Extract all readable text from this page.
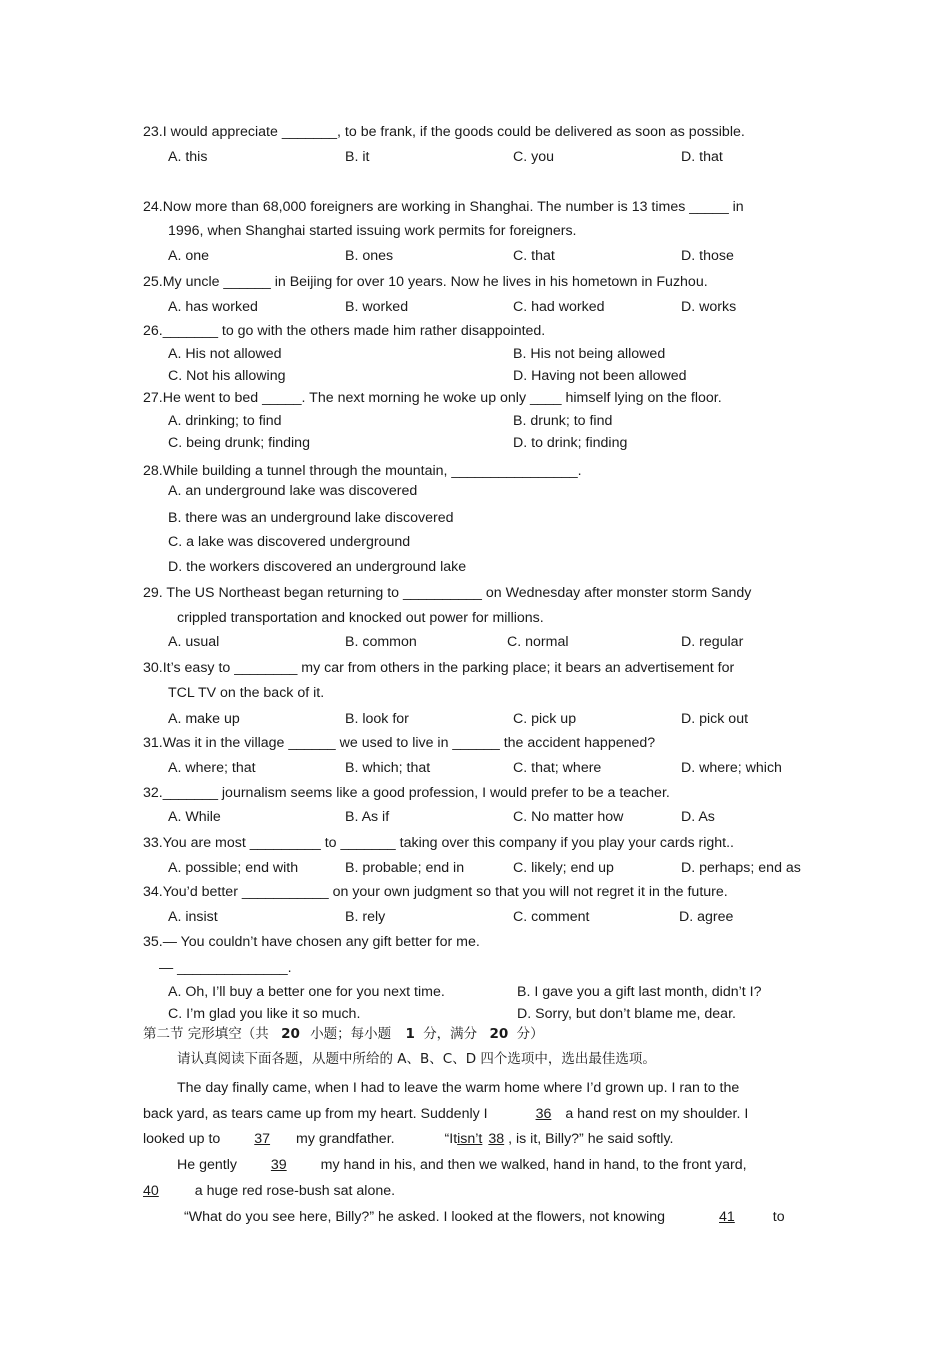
23.I would appreciate _______, to be frank, if the goods could be delivered as soon as possible.
A. this	B. it	C. you	D. that
24.Now more than 68,000 foreigners are working in Shanghai. The number is 13 times _____ in
1996, when Shanghai started issuing work permits for foreigners.
A. one	B. ones	C. that	D. those
25.My uncle ______ in Beijing for over 10 years. Now he lives in his hometown in Fuzhou.
A. has worked	B. worked	C. had worked	D. works
26._______ to go with the others made him rather disappointed.
A. His not allowed	B. His not being allowed
C. Not his allowing	D. Having not been allowed
27.He went to bed _____. The next morning he woke up only ____ himself lying on the floor.
A. drinking; to find	B. drunk; to find
C. being drunk; finding	D. to drink; finding
28.While building a tunnel through the mountain, ________________.
A. an underground lake was discovered
B. there was an underground lake discovered
C. a lake was discovered underground
D. the workers discovered an underground lake
29. The US Northeast began returning to __________ on Wednesday after monster storm Sandy
crippled transportation and knocked out power for millions.
A. usual	B. common	C. normal	D. regular
30.It’s easy to ________ my car from others in the parking place; it bears an advertisement for
TCL TV on the back of it.
A. make up	B. look for	C. pick up	D. pick out
31.Was it in the village ______ we used to live in ______ the accident happened?
A. where; that	B. which; that	C. that; where	D. where; which
32._______ journalism seems like a good profession, I would prefer to be a teacher.
A. While	B. As if	C. No matter how	D. As
33.You are most _________ to _______ taking over this company if you play your cards right..
A. possible; end with	B. probable; end in	C. likely; end up	D. perhaps; end as
34.You’d better ___________ on your own judgment so that you will not regret it in the future.
A. insist	B. rely	C. comment	D. agree
35.— You couldn’t have chosen any gift better for me.
— ______________.
A. Oh, I’ll buy a better one for you next time.	B. I gave you a gift last month, didn’t I?
C. I’m glad you like it so much.	D. Sorry, but don’t blame me, dear.
第二节 完形填空（共 20 小题；每小题 1 分，满分 20 分）
请认真阅读下面各题，从题中所给的 A、B、C、D 四个选项中，选出最佳选项。
The day finally came, when I had to leave the warm home where I’d grown up. I ran to the
back yard, as tears came up from my heart. Suddenly I	36 a hand rest on my shoulder. I
looked up to 37 my grandfather.	“Itisn’t 38 , is it, Billy?” he said softly.
He gently 39 my hand in his, and then we walked, hand in hand, to the front yard,
40	a huge red rose-bush sat alone.
“What do you see here, Billy?” he asked. I looked at the flowers, not knowing	41	to
